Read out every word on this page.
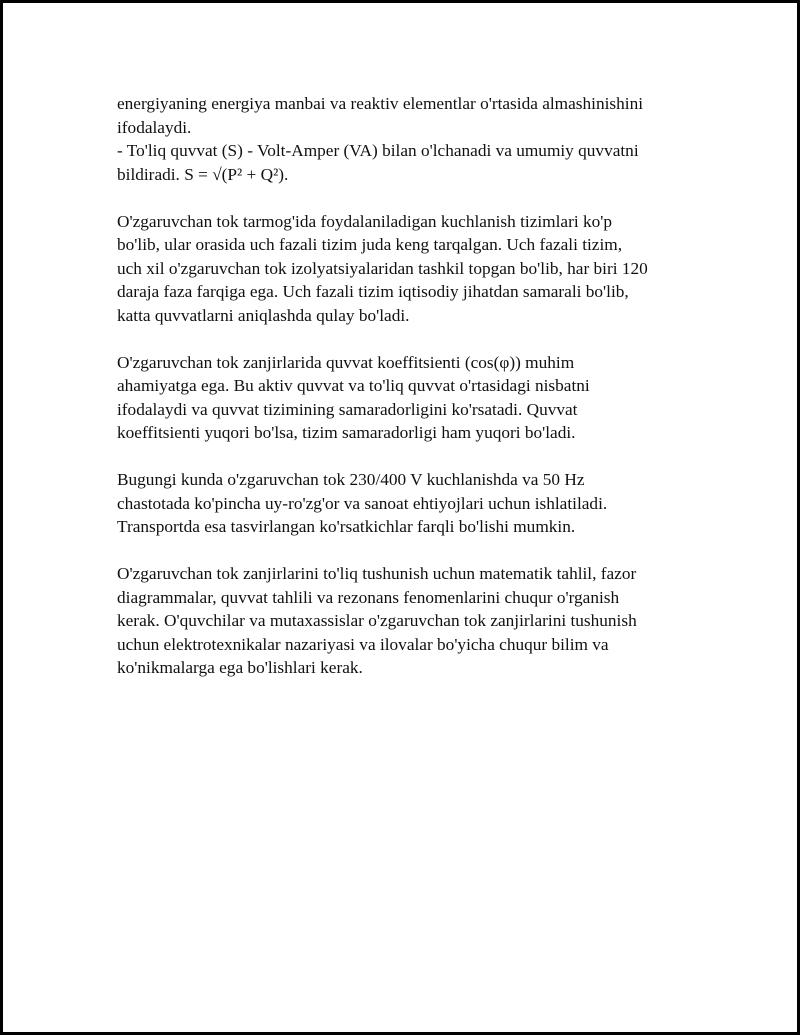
energiyaning energiya manbai va reaktiv elementlar o'rtasida almashinishini
ifodalaydi.
- To'liq quvvat (S) - Volt-Amper (VA) bilan o'lchanadi va umumiy quvvatni
bildiradi. S = √(P² + Q²).

O'zgaruvchan tok tarmog'ida foydalaniladigan kuchlanish tizimlari ko'p
bo'lib, ular orasida uch fazali tizim juda keng tarqalgan. Uch fazali tizim,
uch xil o'zgaruvchan tok izolyatsiyalaridan tashkil topgan bo'lib, har biri 120
daraja faza farqiga ega. Uch fazali tizim iqtisodiy jihatdan samarali bo'lib,
katta quvvatlarni aniqlashda qulay bo'ladi.

O'zgaruvchan tok zanjirlarida quvvat koeffitsienti (cos(φ)) muhim
ahamiyatga ega. Bu aktiv quvvat va to'liq quvvat o'rtasidagi nisbatni
ifodalaydi va quvvat tizimining samaradorligini ko'rsatadi. Quvvat
koeffitsienti yuqori bo'lsa, tizim samaradorligi ham yuqori bo'ladi.

Bugungi kunda o'zgaruvchan tok 230/400 V kuchlanishda va 50 Hz
chastotada ko'pincha uy-ro'zg'or va sanoat ehtiyojlari uchun ishlatiladi.
Transportda esa tasvirlangan ko'rsatkichlar farqli bo'lishi mumkin.

O'zgaruvchan tok zanjirlarini to'liq tushunish uchun matematik tahlil, fazor
diagrammalar, quvvat tahlili va rezonans fenomenlarini chuqur o'rganish
kerak. O'quvchilar va mutaxassislar o'zgaruvchan tok zanjirlarini tushunish
uchun elektrotexnikalar nazariyasi va ilovalar bo'yicha chuqur bilim va
ko'nikmalarga ega bo'lishlari kerak.
